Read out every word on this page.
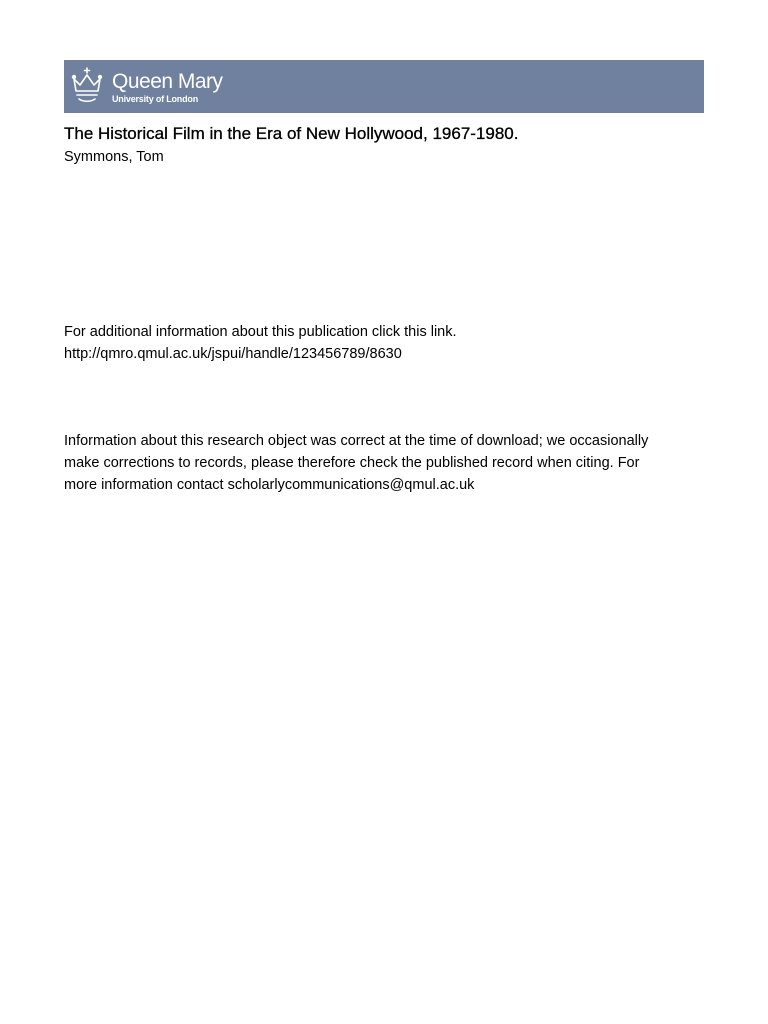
Queen Mary
University of London
The Historical Film in the Era of New Hollywood, 1967-1980.
Symmons, Tom
For additional information about this publication click this link.
http://qmro.qmul.ac.uk/jspui/handle/123456789/8630
Information about this research object was correct at the time of download; we occasionally
make corrections to records, please therefore check the published record when citing. For
more information contact scholarlycommunications@qmul.ac.uk
